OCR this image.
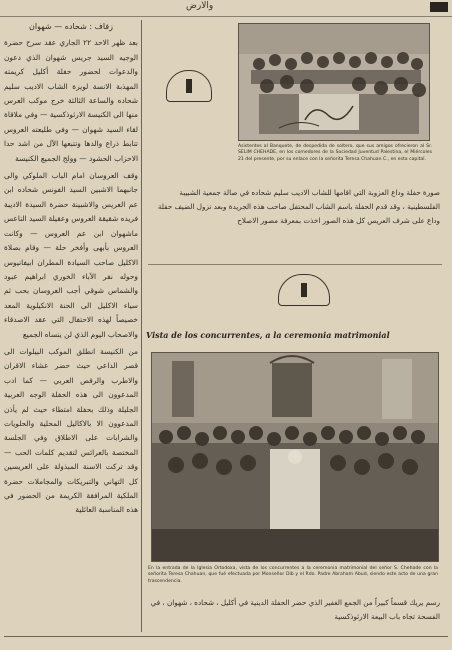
والارض
زفاف : شحاده — شهوان

بعد ظهر الاحد ٢٢ الجاري عقد سرح حضرة الوجيه السيد جريس شهوان الذي دعون والدعوات لحضور حفلة أكليل كريمته المهذبة الانسة لويزة الشاب الاديب سليم شحاده والساعة الثالثة خرج موكب العرس منها الى الكنيسة الارثوذكسية — وفي ملاقاة لقاء السيد شهوان — وفي طليعته العروس تتابط ذراع والدها وتتبعها الآل من اشد حدا الاحزاب الحشود — وولج الجميع الكنيسة

وقف العروسان امام الباب الملوكي والى جانبهما الاشبين السيد الفونس شحاده ابن عم العريس والاشبينة حضرة السيدة الاديبة فريده شقيقة العروس وعقيلة السيد الناعس ماشهوان ابن عم العروس — وكانت العروس بأبهى وأفخر حلة — وقام بصلاة الاكليل صاحب السيادة المطران ابيفانيوس وحوله نفر الآباء الخوري ابراهيم عبود والشماس شوقي أجب العروسان بحب ثم سياء الاكليل الى الحنة الانكيلوية المعد خصيصاً لهذه الاحتفال التي عقد الاصدقاء والاصحاب اليوم الذي لن ينساه الجميع

من الكنيسة انطلق الموكب البيلوات الى قصر الداعي حيث حضر عشاء الاقران والاطرب والرقص العربي — كما ادب المدعوون الى هذه الحفلة الوجه العربية الجليلة وذلك بحفلة امتطاء حيث لم يأذن المدعوون الا بالاكاليل المحلية والحلويات والشرابات على الاطلاق وفي الجلسة المختصة بالعرائس لتقديم كلمات الحب — وقد تركت الاسنة المبذولة على العريسين كل التهاني والتبريكات والمجاملات حضرة الملكية المرافقة الكريمة من الحضور في هذه المناسبة العائلية

Asistentes al Banquete, de despedida de soltero, que sus amigos ofrecieron al Sr. SELIM CHEHADE, en los comedores de la Sociedad Juventud Palestina, el Miércoles 21 del presente, por su enlace con la señorita Teresa Chahuan C., en esta capital.
صورة حفلة وداع العزوبة التي اقامها للشاب الاديب سليم شحاده في صالة جمعية الشبيبة الفلسطينية ، وقد قدم الحفلة باسم الشاب المحتفل صاحب هذه الجريدة وبعد نزول الضيف حفلة وداع على شرف العريس كل هذه الصور اخذت بمعرفة مصور الاصلاح
Vista de los concurrentes, a la ceremonia matrimonial
En la entrada de la Iglesia Ortodoxa, vista de los concurrentes a la ceremonia matrimonial del señor S. Chehade con la señorita Teresa Chahuan, que fué efectuada por Monseñor Dib y el Rdo. Padre Abraham Abud, siendo este acto de una gran trascendencia.
رسم يريك قسماً كبيراً من الجمع الغفير الذي حضر الحفلة الدينية في أكليل ، شحاده ، شهوان ، في الفسحة تجاه باب البيعة الارثوذكسية
